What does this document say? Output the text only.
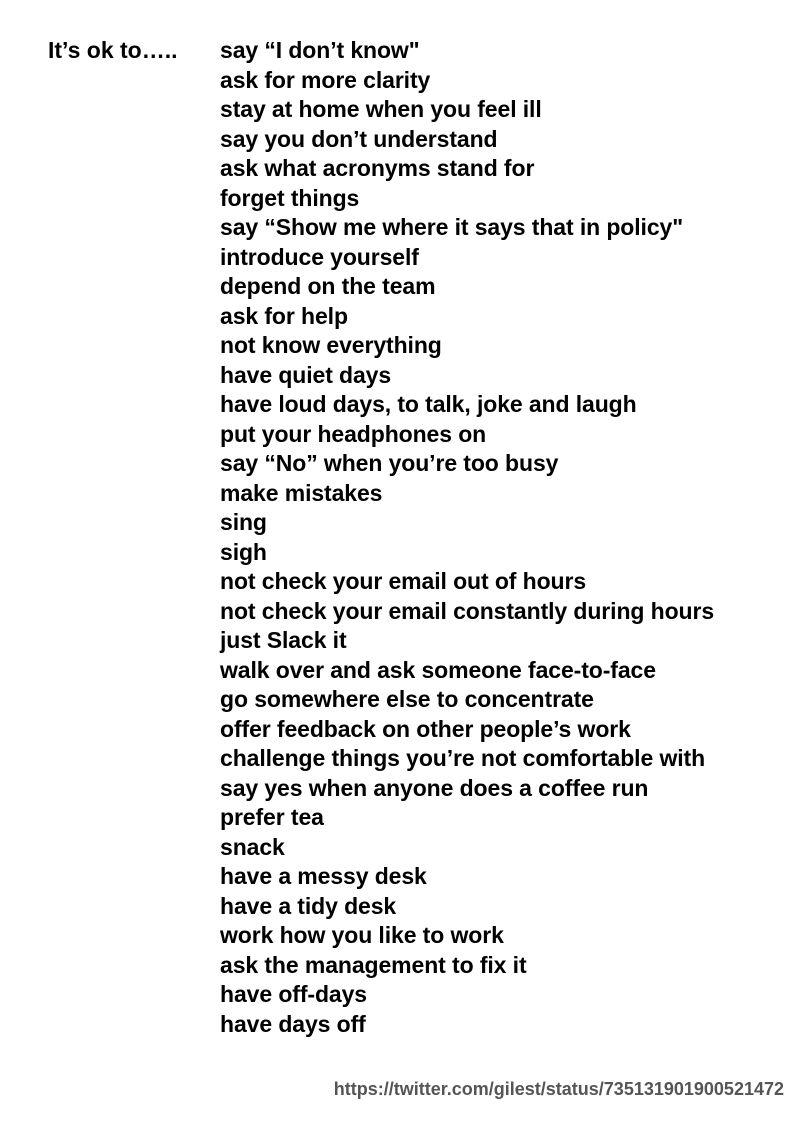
It’s ok to….. say “I don’t know"
ask for more clarity
stay at home when you feel ill
say you don’t understand
ask what acronyms stand for
forget things
say “Show me where it says that in policy"
introduce yourself
depend on the team
ask for help
not know everything
have quiet days
have loud days, to talk, joke and laugh
put your headphones on
say “No” when you’re too busy
make mistakes
sing
sigh
not check your email out of hours
not check your email constantly during hours
just Slack it
walk over and ask someone face-to-face
go somewhere else to concentrate
offer feedback on other people’s work
challenge things you’re not comfortable with
say yes when anyone does a coffee run
prefer tea
snack
have a messy desk
have a tidy desk
work how you like to work
ask the management to fix it
have off-days
have days off
https://twitter.com/gilest/status/735131901900521472
